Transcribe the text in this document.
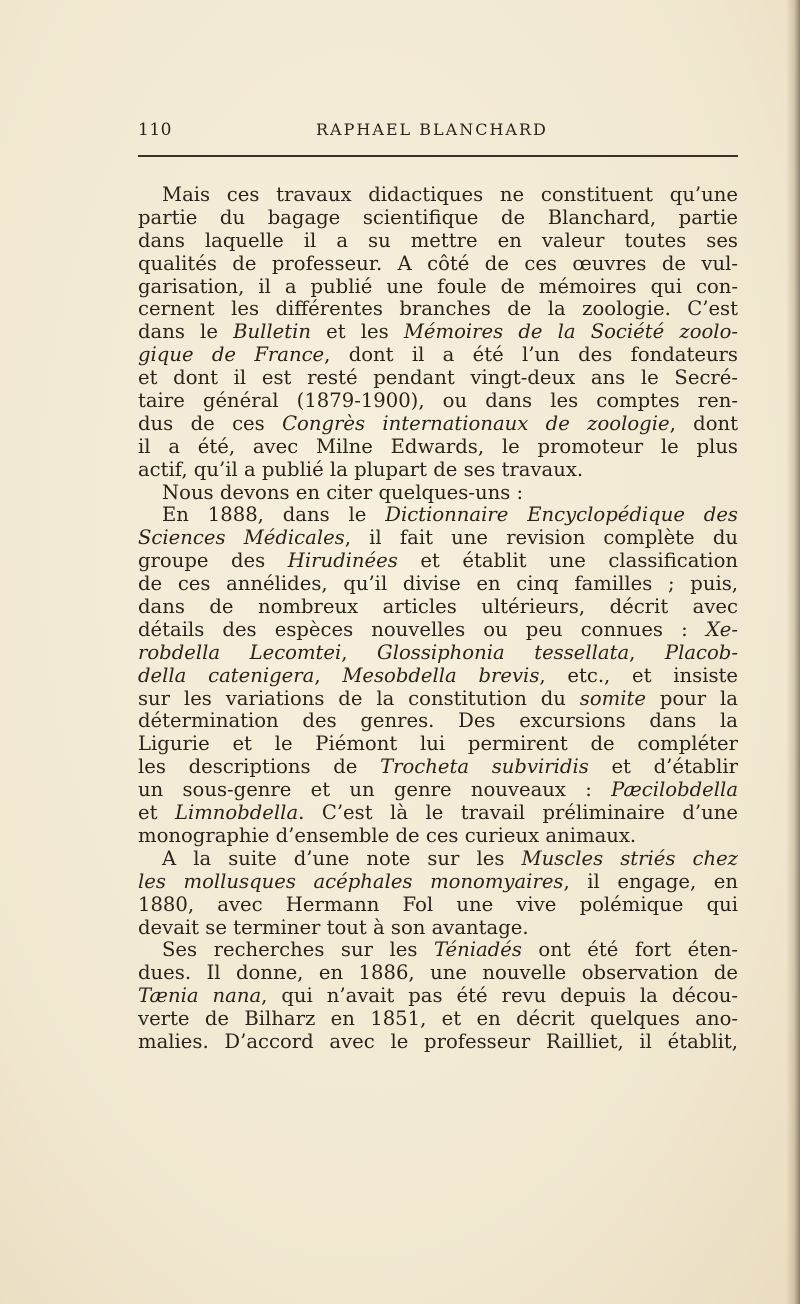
110	RAPHAEL BLANCHARD
Mais ces travaux didactiques ne constituent qu’une
partie du bagage scientifique de Blanchard, partie
dans laquelle il a su mettre en valeur toutes ses
qualités de professeur. A côté de ces œuvres de vul-
garisation, il a publié une foule de mémoires qui con-
cernent les différentes branches de la zoologie. C’est
dans le Bulletin et les Mémoires de la Société zoolo-
gique de France, dont il a été l’un des fondateurs
et dont il est resté pendant vingt-deux ans le Secré-
taire général (1879-1900), ou dans les comptes ren-
dus de ces Congrès internationaux de zoologie, dont
il a été, avec Milne Edwards, le promoteur le plus
actif, qu’il a publié la plupart de ses travaux.
Nous devons en citer quelques-uns :
En 1888, dans le Dictionnaire Encyclopédique des
Sciences Médicales, il fait une revision complète du
groupe des Hirudinées et établit une classification
de ces annélides, qu’il divise en cinq familles ; puis,
dans de nombreux articles ultérieurs, décrit avec
détails des espèces nouvelles ou peu connues : Xe-
robdella Lecomtei, Glossiphonia tessellata, Placob-
della catenigera, Mesobdella brevis, etc., et insiste
sur les variations de la constitution du somite pour la
détermination des genres. Des excursions dans la
Ligurie et le Piémont lui permirent de compléter
les descriptions de Trocheta subviridis et d’établir
un sous-genre et un genre nouveaux : Pæcilobdella
et Limnobdella. C’est là le travail préliminaire d’une
monographie d’ensemble de ces curieux animaux.
A la suite d’une note sur les Muscles striés chez
les mollusques acéphales monomyaires, il engage, en
1880, avec Hermann Fol une vive polémique qui
devait se terminer tout à son avantage.
Ses recherches sur les Téniadés ont été fort éten-
dues. Il donne, en 1886, une nouvelle observation de
Tænia nana, qui n’avait pas été revu depuis la décou-
verte de Bilharz en 1851, et en décrit quelques ano-
malies. D’accord avec le professeur Railliet, il établit,
